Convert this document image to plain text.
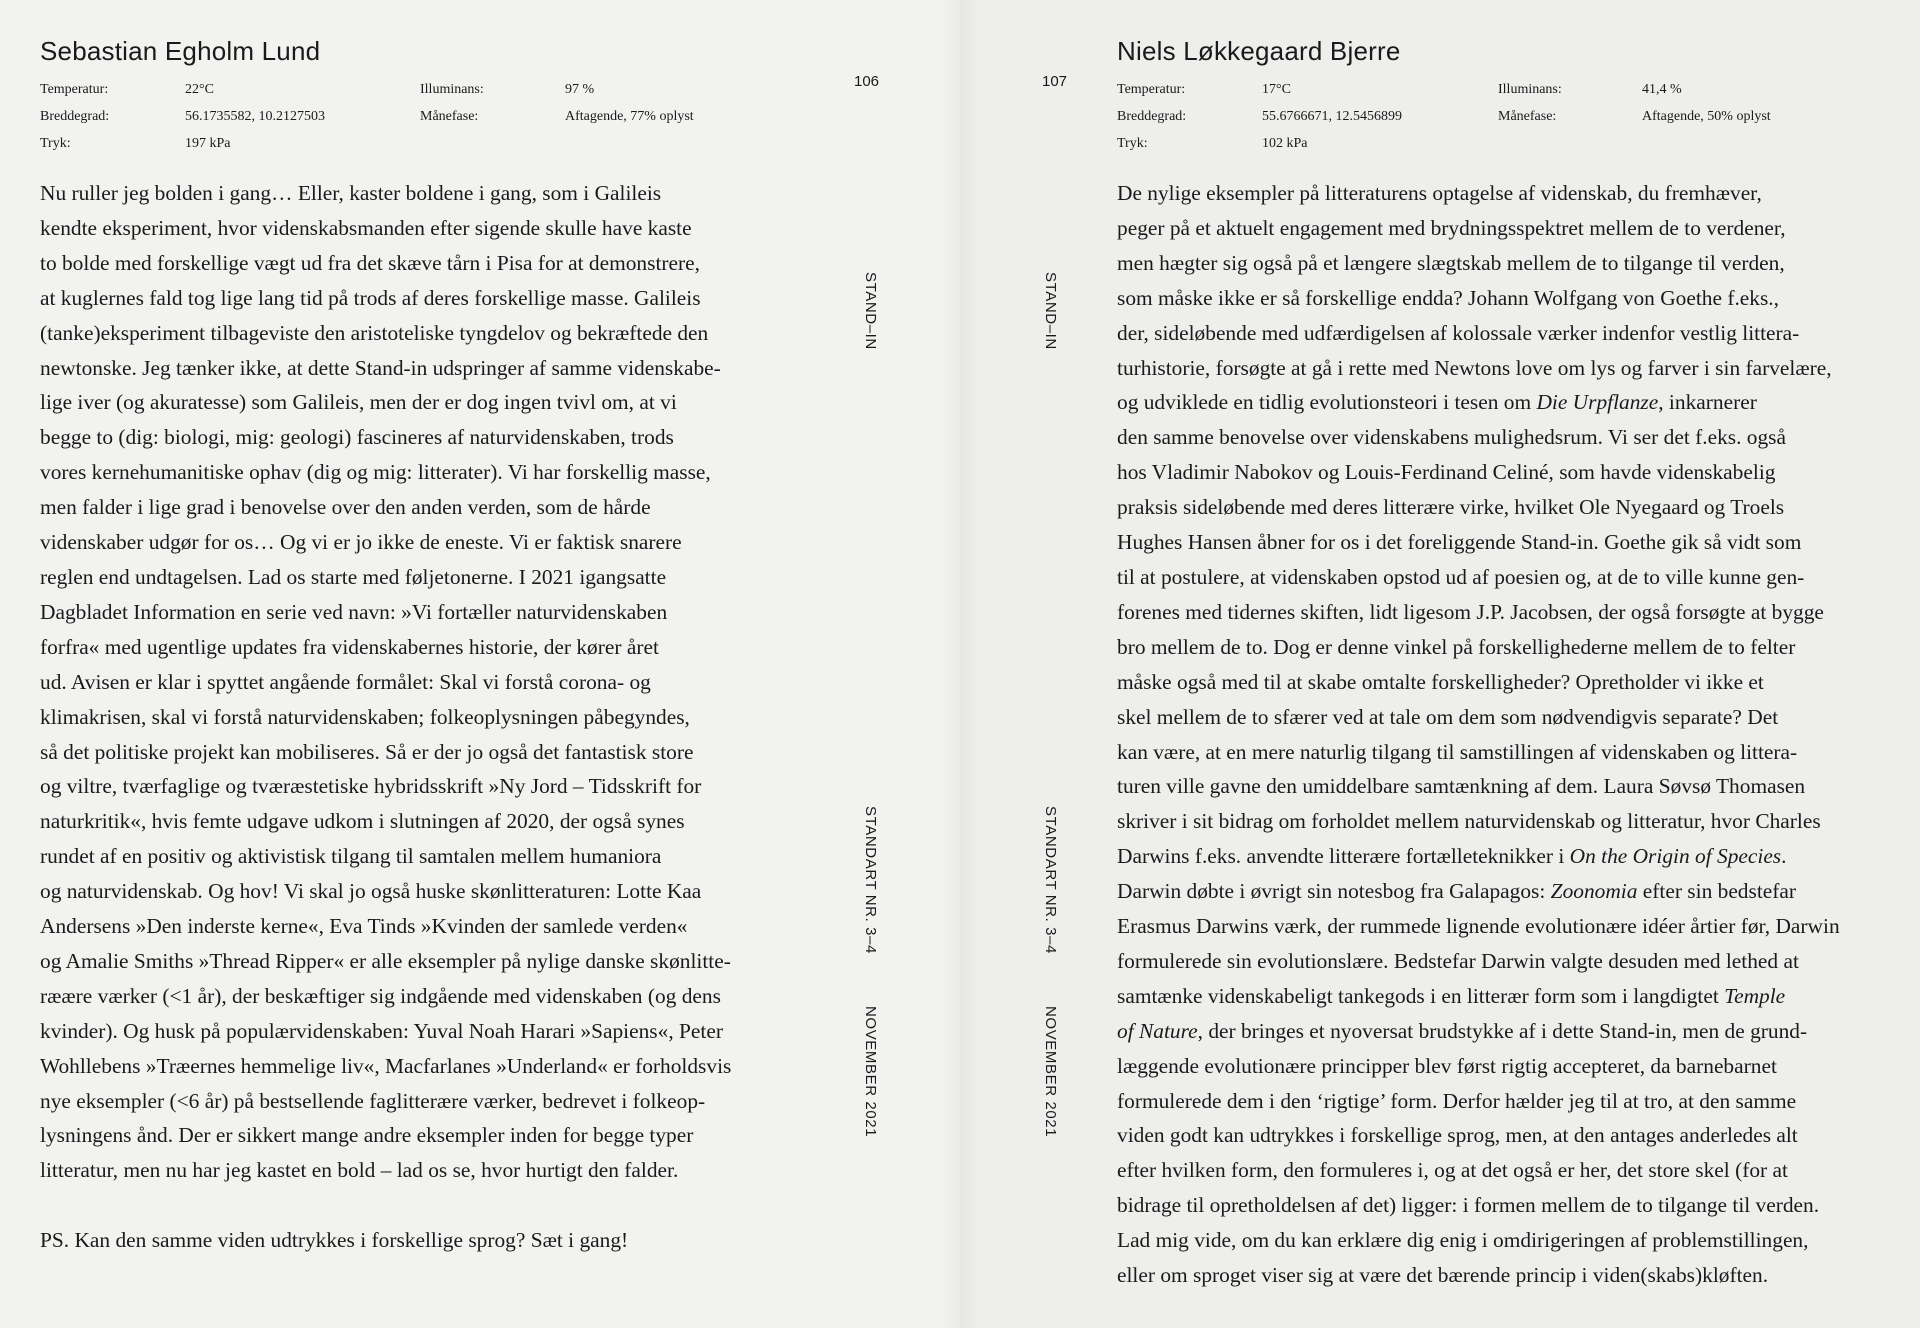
Sebastian Egholm Lund
Temperatur:	22°C	Illuminans:	97 %
Breddegrad:	56.1735582, 10.2127503	Månefase:	Aftagende, 77% oplyst
Tryk:	197 kPa
106
Nu ruller jeg bolden i gang… Eller, kaster boldene i gang, som i Galileis
kendte eksperiment, hvor videnskabsmanden efter sigende skulle have kaste
to bolde med forskellige vægt ud fra det skæve tårn i Pisa for at demonstrere,
at kuglernes fald tog lige lang tid på trods af deres forskellige masse. Galileis
(tanke)eksperiment tilbageviste den aristoteliske tyngdelov og bekræftede den
newtonske. Jeg tænker ikke, at dette Stand-in udspringer af samme videnskabe-
lige iver (og akuratesse) som Galileis, men der er dog ingen tvivl om, at vi
begge to (dig: biologi, mig: geologi) fascineres af naturvidenskaben, trods
vores kernehumanitiske ophav (dig og mig: litterater). Vi har forskellig masse,
men falder i lige grad i benovelse over den anden verden, som de hårde
videnskaber udgør for os… Og vi er jo ikke de eneste. Vi er faktisk snarere
reglen end undtagelsen. Lad os starte med føljetonerne. I 2021 igangsatte
Dagbladet Information en serie ved navn: »Vi fortæller naturvidenskaben
forfra« med ugentlige updates fra videnskabernes historie, der kører året
ud. Avisen er klar i spyttet angående formålet: Skal vi forstå corona- og
klimakrisen, skal vi forstå naturvidenskaben; folkeoplysningen påbegyndes,
så det politiske projekt kan mobiliseres. Så er der jo også det fantastisk store
og viltre, tværfaglige og tværæstetiske hybridsskrift »Ny Jord – Tidsskrift for
naturkritik«, hvis femte udgave udkom i slutningen af 2020, der også synes
rundet af en positiv og aktivistisk tilgang til samtalen mellem humaniora
og naturvidenskab. Og hov! Vi skal jo også huske skønlitteraturen: Lotte Kaa
Andersens »Den inderste kerne«, Eva Tinds »Kvinden der samlede verden«
og Amalie Smiths »Thread Ripper« er alle eksempler på nylige danske skønlitte-
ræære værker (<1 år), der beskæftiger sig indgående med videnskaben (og dens
kvinder). Og husk på populærvidenskaben: Yuval Noah Harari »Sapiens«, Peter
Wohllebens »Træernes hemmelige liv«, Macfarlanes »Underland« er forholdsvis
nye eksempler (<6 år) på bestsellende faglitterære værker, bedrevet i folkeop-
lysningens ånd. Der er sikkert mange andre eksempler inden for begge typer
litteratur, men nu har jeg kastet en bold – lad os se, hvor hurtigt den falder.
PS. Kan den samme viden udtrykkes i forskellige sprog? Sæt i gang!
STAND–IN
STANDART NR. 3–4
NOVEMBER 2021
Niels Løkkegaard Bjerre
Temperatur:	17°C	Illuminans:	41,4 %
Breddegrad:	55.6766671, 12.5456899	Månefase:	Aftagende, 50% oplyst
Tryk:	102 kPa
107
De nylige eksempler på litteraturens optagelse af videnskab, du fremhæver,
peger på et aktuelt engagement med brydningsspektret mellem de to verdener,
men hægter sig også på et længere slægtskab mellem de to tilgange til verden,
som måske ikke er så forskellige endda? Johann Wolfgang von Goethe f.eks.,
der, sideløbende med udfærdigelsen af kolossale værker indenfor vestlig littera-
turhistorie, forsøgte at gå i rette med Newtons love om lys og farver i sin farvelære,
og udviklede en tidlig evolutionsteori i tesen om Die Urpflanze, inkarnerer
den samme benovelse over videnskabens mulighedsrum. Vi ser det f.eks. også
hos Vladimir Nabokov og Louis-Ferdinand Celiné, som havde videnskabelig
praksis sideløbende med deres litterære virke, hvilket Ole Nyegaard og Troels
Hughes Hansen åbner for os i det foreliggende Stand-in. Goethe gik så vidt som
til at postulere, at videnskaben opstod ud af poesien og, at de to ville kunne gen-
forenes med tidernes skiften, lidt ligesom J.P. Jacobsen, der også forsøgte at bygge
bro mellem de to. Dog er denne vinkel på forskellighederne mellem de to felter
måske også med til at skabe omtalte forskelligheder? Opretholder vi ikke et
skel mellem de to sfærer ved at tale om dem som nødvendigvis separate? Det
kan være, at en mere naturlig tilgang til samstillingen af videnskaben og littera-
turen ville gavne den umiddelbare samtænkning af dem. Laura Søvsø Thomasen
skriver i sit bidrag om forholdet mellem naturvidenskab og litteratur, hvor Charles
Darwins f.eks. anvendte litterære fortælleteknikker i On the Origin of Species.
Darwin døbte i øvrigt sin notesbog fra Galapagos: Zoonomia efter sin bedstefar
Erasmus Darwins værk, der rummede lignende evolutionære idéer årtier før, Darwin
formulerede sin evolutionslære. Bedstefar Darwin valgte desuden med lethed at
samtænke videnskabeligt tankegods i en litterær form som i langdigtet Temple
of Nature, der bringes et nyoversat brudstykke af i dette Stand-in, men de grund-
læggende evolutionære principper blev først rigtig accepteret, da barnebarnet
formulerede dem i den ‘rigtige’ form. Derfor hælder jeg til at tro, at den samme
viden godt kan udtrykkes i forskellige sprog, men, at den antages anderledes alt
efter hvilken form, den formuleres i, og at det også er her, det store skel (for at
bidrage til opretholdelsen af det) ligger: i formen mellem de to tilgange til verden.
Lad mig vide, om du kan erklære dig enig i omdirigeringen af problemstillingen,
eller om sproget viser sig at være det bærende princip i viden(skabs)kløften.
STAND–IN
STANDART NR. 3–4
NOVEMBER 2021
